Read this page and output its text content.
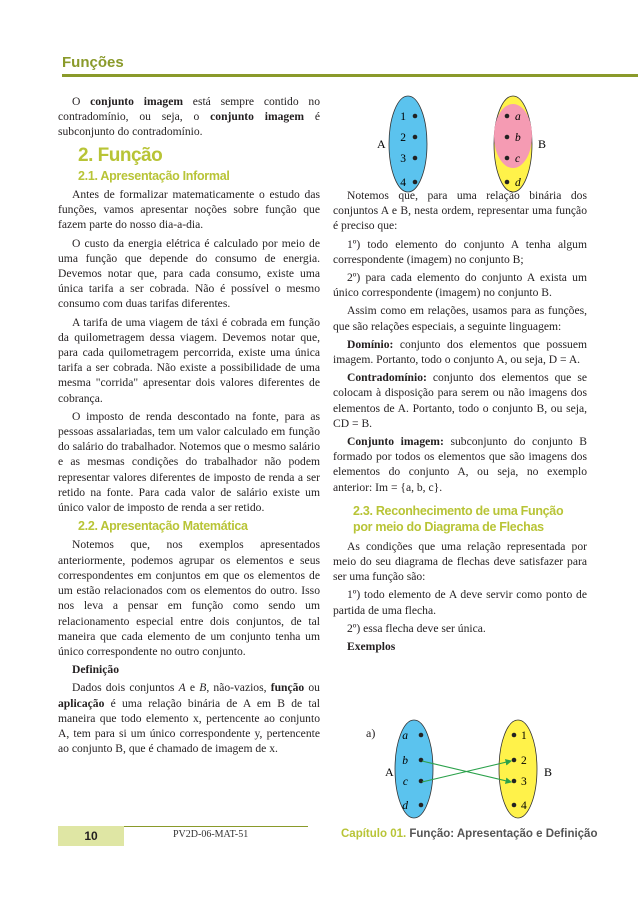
Funções

O conjunto imagem está sempre contido no contradomínio, ou seja, o conjunto imagem é subconjunto do contradomínio.

2. Função
2.1. Apresentação Informal

Antes de formalizar matematicamente o estudo das funções, vamos apresentar noções sobre função que fazem parte do nosso dia-a-dia.

O custo da energia elétrica é calculado por meio de uma função que depende do consumo de energia. Devemos notar que, para cada consumo, existe uma única tarifa a ser cobrada. Não é possível o mesmo consumo com duas tarifas diferentes.

A tarifa de uma viagem de táxi é cobrada em função da quilometragem dessa viagem. Devemos notar que, para cada quilometragem percorrida, existe uma única tarifa a ser cobrada. Não existe a possibilidade de uma mesma "corrida" apresentar dois valores diferentes de cobrança.

O imposto de renda descontado na fonte, para as pessoas assalariadas, tem um valor calculado em função do salário do trabalhador. Notemos que o mesmo salário e as mesmas condições do trabalhador não podem representar valores diferentes de imposto de renda a ser retido na fonte. Para cada valor de salário existe um único valor de imposto de renda a ser retido.

2.2. Apresentação Matemática

Notemos que, nos exemplos apresentados anteriormente, podemos agrupar os elementos e seus correspondentes em conjuntos em que os elementos de um estão relacionados com os elementos do outro. Isso nos leva a pensar em função como sendo um relacionamento especial entre dois conjuntos, de tal maneira que cada elemento de um conjunto tenha um único correspondente no outro conjunto.

Definição

Dados dois conjuntos A e B, não-vazios, função ou aplicação é uma relação binária de A em B de tal maneira que todo elemento x, pertencente ao conjunto A, tem para si um único correspondente y, pertencente ao conjunto B, que é chamado de imagem de x.

A	B
1
2
3
4
a
b
c
d

Notemos que, para uma relação binária dos conjuntos A e B, nesta ordem, representar uma função é preciso que:

1º) todo elemento do conjunto A tenha algum correspondente (imagem) no conjunto B;

2º) para cada elemento do conjunto A exista um único correspondente (imagem) no conjunto B.

Assim como em relações, usamos para as funções, que são relações especiais, a seguinte linguagem:

Domínio: conjunto dos elementos que possuem imagem. Portanto, todo o conjunto A, ou seja, D = A.

Contradomínio: conjunto dos elementos que se colocam à disposição para serem ou não imagens dos elementos de A. Portanto, todo o conjunto B, ou seja, CD = B.

Conjunto imagem: subconjunto do conjunto B formado por todos os elementos que são imagens dos elementos do conjunto A, ou seja, no exemplo anterior: Im = {a, b, c}.

2.3. Reconhecimento de uma Função
por meio do Diagrama de Flechas

As condições que uma relação representada por meio do seu diagrama de flechas deve satisfazer para ser uma função são:

1º) todo elemento de A deve servir como ponto de partida de uma flecha.

2º) essa flecha deve ser única.

Exemplos

a)
A	B
a
b
c
d
1
2
3
4
10	PV2D-06-MAT-51	Capítulo 01. Função: Apresentação e Definição
